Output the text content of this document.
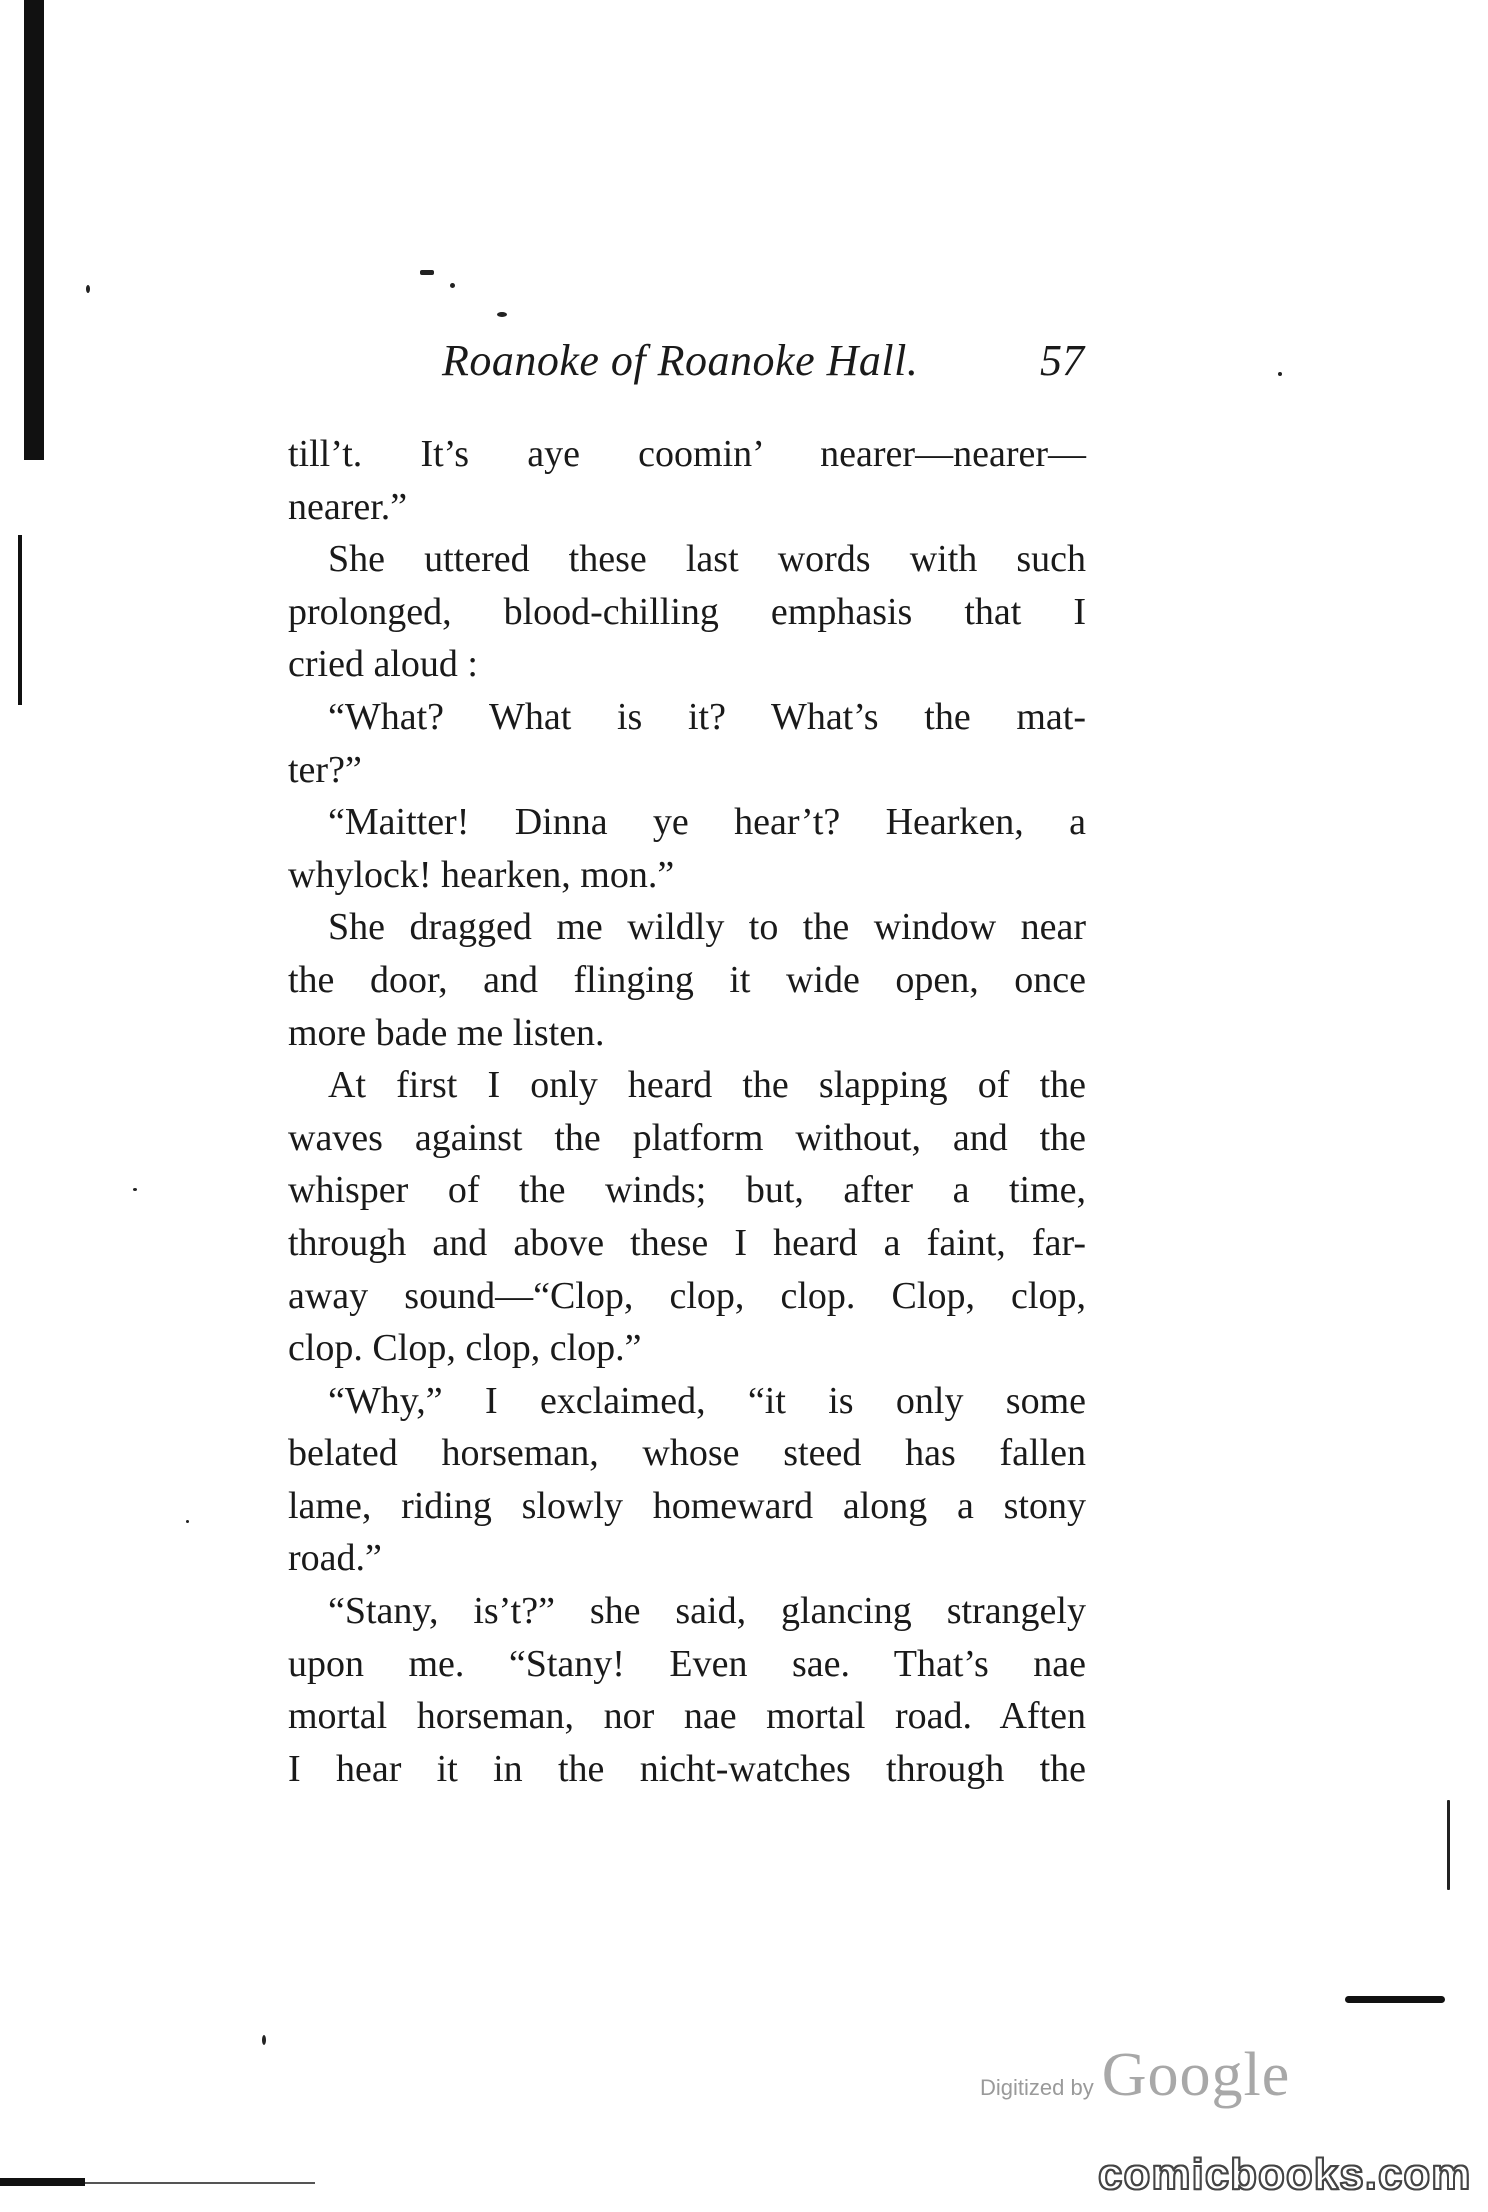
Roanoke of Roanoke Hall.	57
till’t. It’s aye coomin’ nearer—nearer—
nearer.”
She uttered these last words with such
prolonged, blood-chilling emphasis that I
cried aloud :
“What? What is it? What’s the mat-
ter?”
“Maitter! Dinna ye hear’t? Hearken, a
whylock! hearken, mon.”
She dragged me wildly to the window near
the door, and flinging it wide open, once
more bade me listen.
At first I only heard the slapping of the
waves against the platform without, and the
whisper of the winds; but, after a time,
through and above these I heard a faint, far-
away sound—“Clop, clop, clop. Clop, clop,
clop. Clop, clop, clop.”
“Why,” I exclaimed, “it is only some
belated horseman, whose steed has fallen
lame, riding slowly homeward along a stony
road.”
“Stany, is’t?” she said, glancing strangely
upon me. “Stany! Even sae. That’s nae
mortal horseman, nor nae mortal road. Aften
I hear it in the nicht-watches through the
Digitized by Google
comicbooks.com
